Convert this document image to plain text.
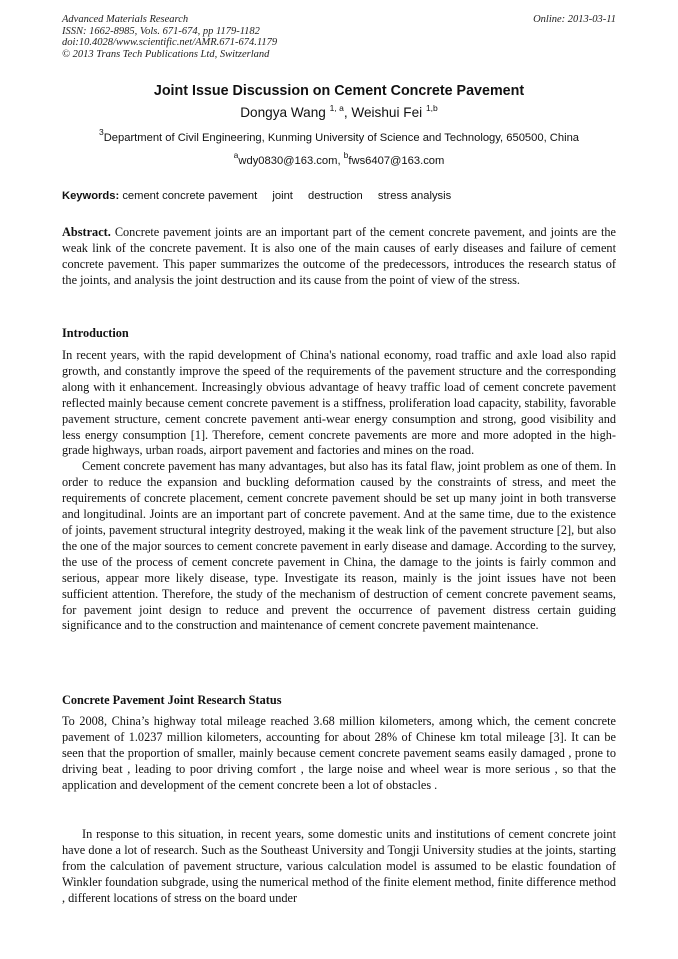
Advanced Materials Research
ISSN: 1662-8985, Vols. 671-674, pp 1179-1182
doi:10.4028/www.scientific.net/AMR.671-674.1179
© 2013 Trans Tech Publications Ltd, Switzerland
Online: 2013-03-11
Joint Issue Discussion on Cement Concrete Pavement
Dongya Wang $^{1, a}$, Weishui Fei $^{1,b}$
$^3$Department of Civil Engineering, Kunming University of Science and Technology, 650500, China
$^a$wdy0830@163.com, $^b$fws6407@163.com
Keywords: cement concrete pavement joint destruction stress analysis

Abstract. Concrete pavement joints are an important part of the cement concrete pavement, and joints are the weak link of the concrete pavement. It is also one of the main causes of early diseases and failure of cement concrete pavement. This paper summarizes the outcome of the predecessors, introduces the research status of the joints, and analysis the joint destruction and its cause from the point of view of the stress.

Introduction

In recent years, with the rapid development of China's national economy, road traffic and axle load also rapid growth, and constantly improve the speed of the requirements of the pavement structure and the corresponding along with it enhancement. Increasingly obvious advantage of heavy traffic load of cement concrete pavement reflected mainly because cement concrete pavement is a stiffness, proliferation load capacity, stability, favorable pavement structure, cement concrete pavement anti-wear energy consumption and strong, good visibility and less energy consumption [1]. Therefore, cement concrete pavements are more and more adopted in the high-grade highways, urban roads, airport pavement and factories and mines on the road.

Cement concrete pavement has many advantages, but also has its fatal flaw, joint problem as one of them. In order to reduce the expansion and buckling deformation caused by the constraints of stress, and meet the requirements of concrete placement, cement concrete pavement should be set up many joint in both transverse and longitudinal. Joints are an important part of concrete pavement. And at the same time, due to the existence of joints, pavement structural integrity destroyed, making it the weak link of the pavement structure [2], but also the one of the major sources to cement concrete pavement in early disease and damage. According to the survey, the use of the process of cement concrete pavement in China, the damage to the joints is fairly common and serious, appear more likely disease, type. Investigate its reason, mainly is the joint issues have not been sufficient attention. Therefore, the study of the mechanism of destruction of cement concrete pavement seams, for pavement joint design to reduce and prevent the occurrence of pavement distress certain guiding significance and to the construction and maintenance of cement concrete pavement maintenance.

Concrete Pavement Joint Research Status

To 2008, China’s highway total mileage reached 3.68 million kilometers, among which, the cement concrete pavement of 1.0237 million kilometers, accounting for about 28% of Chinese km total mileage [3]. It can be seen that the proportion of smaller, mainly because cement concrete pavement seams easily damaged , prone to driving beat , leading to poor driving comfort , the large noise and wheel wear is more serious , so that the application and development of the cement concrete been a lot of obstacles .

In response to this situation, in recent years, some domestic units and institutions of cement concrete joint have done a lot of research. Such as the Southeast University and Tongji University studies at the joints, starting from the calculation of pavement structure, various calculation model is assumed to be elastic foundation of Winkler foundation subgrade, using the numerical method of the finite element method, finite difference method , different locations of stress on the board under
